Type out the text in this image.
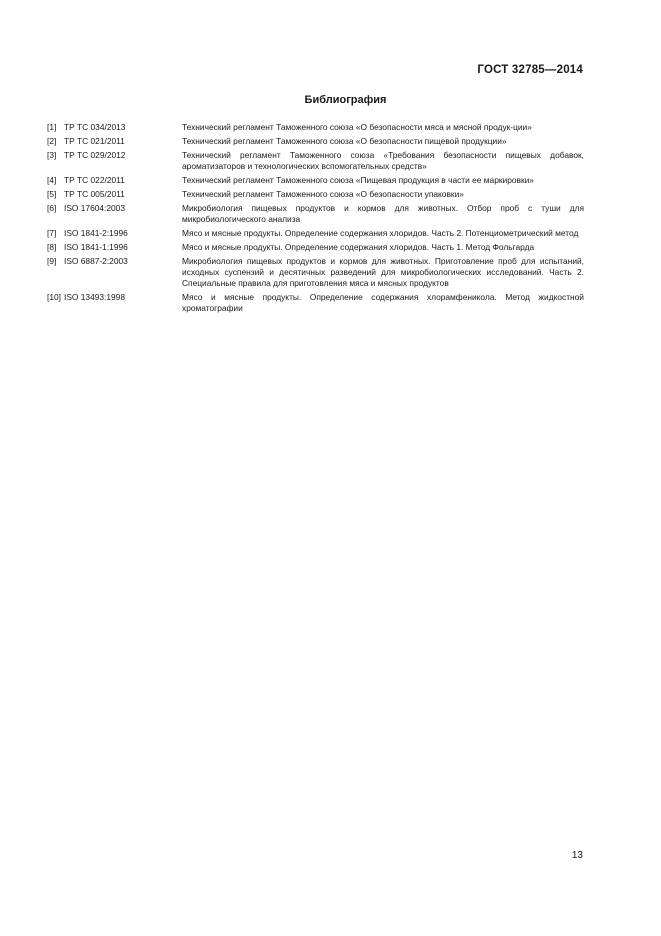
ГОСТ 32785—2014
Библиография
[1] ТР ТС 034/2013	Технический регламент Таможенного союза «О безопасности мяса и мясной продук-ции»
[2] ТР ТС 021/2011	Технический регламент Таможенного союза «О безопасности пищевой продукции»
[3] ТР ТС 029/2012	Технический регламент Таможенного союза «Требования безопасности пищевых добавок, ароматизаторов и технологических вспомогательных средств»
[4] ТР ТС 022/2011	Технический регламент Таможенного союза «Пищевая продукция в части ее маркировки»
[5] ТР ТС 005/2011	Технический регламент Таможенного союза «О безопасности упаковки»
[6] ISO 17604:2003	Микробиология пищевых продуктов и кормов для животных. Отбор проб с туши для микробиологического анализа
[7] ISO 1841-2:1996	Мясо и мясные продукты. Определение содержания хлоридов. Часть 2. Потенциометрический метод
[8] ISO 1841-1:1996	Мясо и мясные продукты. Определение содержания хлоридов. Часть 1. Метод Фольгарда
[9] ISO 6887-2:2003	Микробиология пищевых продуктов и кормов для животных. Приготовление проб для испытаний, исходных суспензий и десятичных разведений для микробиологических исследований. Часть 2. Специальные правила для приготовления мяса и мясных продуктов
[10] ISO 13493:1998	Мясо и мясные продукты. Определение содержания хлорамфеникола. Метод жидкостной хроматографии
13
